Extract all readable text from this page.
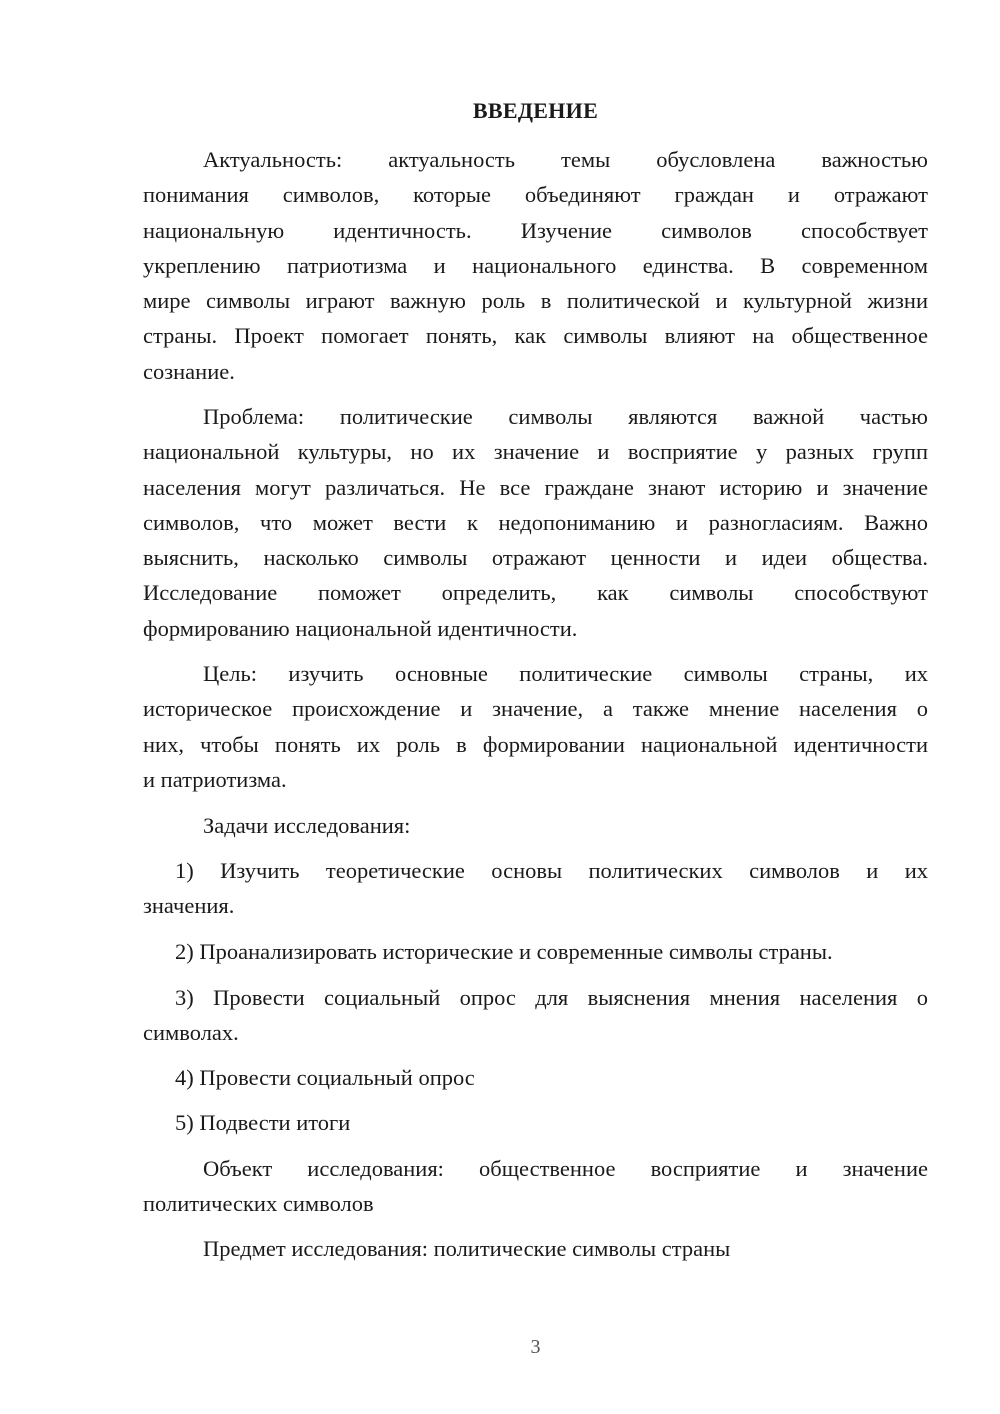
ВВЕДЕНИЕ
Актуальность: актуальность темы обусловлена важностью
понимания символов, которые объединяют граждан и отражают
национальную идентичность. Изучение символов способствует
укреплению патриотизма и национального единства. В современном
мире символы играют важную роль в политической и культурной жизни
страны. Проект помогает понять, как символы влияют на общественное
сознание.
Проблема: политические символы являются важной частью
национальной культуры, но их значение и восприятие у разных групп
населения могут различаться. Не все граждане знают историю и значение
символов, что может вести к недопониманию и разногласиям. Важно
выяснить, насколько символы отражают ценности и идеи общества.
Исследование поможет определить, как символы способствуют
формированию национальной идентичности.
Цель: изучить основные политические символы страны, их
историческое происхождение и значение, а также мнение населения о
них, чтобы понять их роль в формировании национальной идентичности
и патриотизма.
Задачи исследования:
1) Изучить теоретические основы политических символов и их
значения.
2) Проанализировать исторические и современные символы страны.
3) Провести социальный опрос для выяснения мнения населения о
символах.
4) Провести социальный опрос
5) Подвести итоги
Объект исследования: общественное восприятие и значение
политических символов
Предмет исследования: политические символы страны
3
